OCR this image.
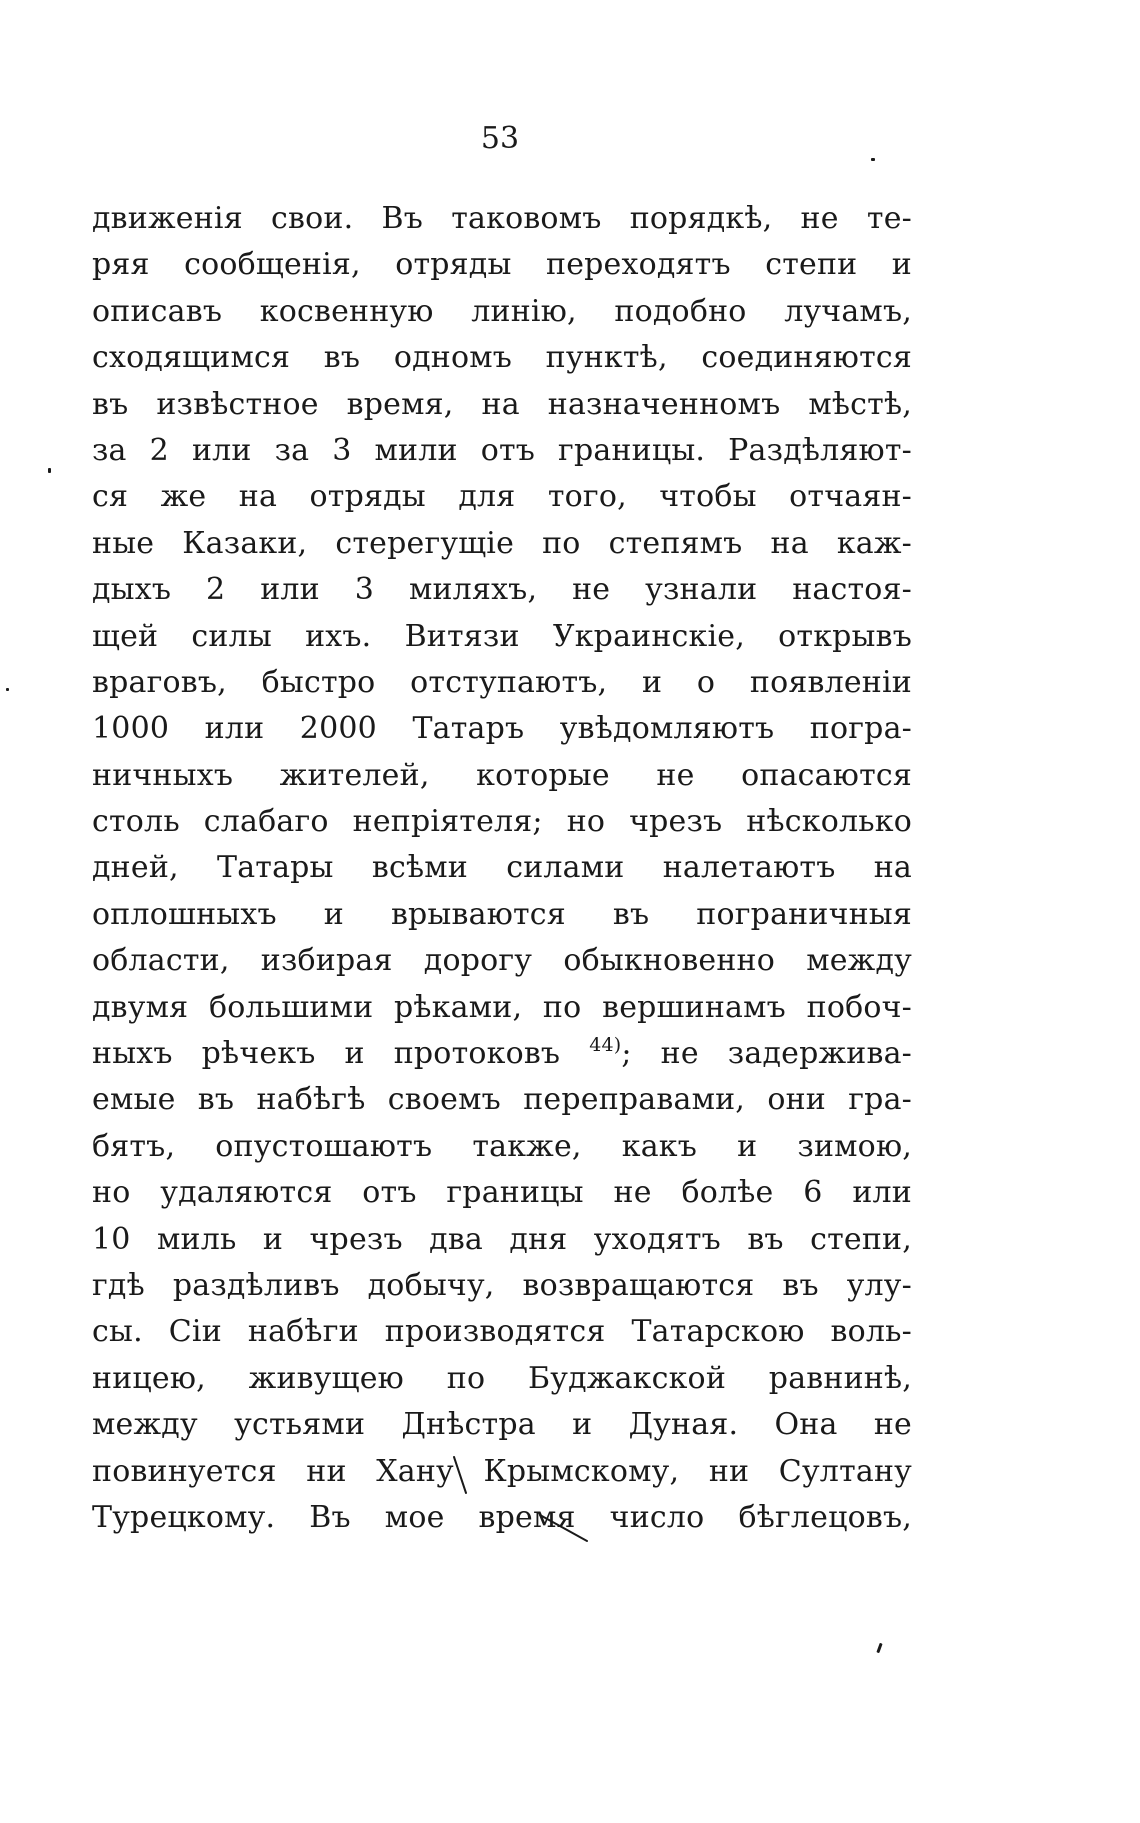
53
движенія свои. Въ таковомъ порядкѣ, не те-
ряя сообщенія, отряды переходятъ степи и
описавъ косвенную линію, подобно лучамъ,
сходящимся въ одномъ пунктѣ, соединяются
въ извѣстное время, на назначенномъ мѣстѣ,
за 2 или за 3 мили отъ границы. Раздѣляют-
ся же на отряды для того, чтобы отчаян-
ные Казаки, стерегущіе по степямъ на каж-
дыхъ 2 или 3 миляхъ, не узнали настоя-
щей силы ихъ. Витязи Украинскіе, открывъ
враговъ, быстро отступаютъ, и о появленіи
1000 или 2000 Татаръ увѣдомляютъ погра-
ничныхъ жителей, которые не опасаются
столь слабаго непріятеля; но чрезъ нѣсколько
дней, Татары всѣми силами налетаютъ на
оплошныхъ и врываются въ пограничныя
области, избирая дорогу обыкновенно между
двумя большими рѣками, по вершинамъ побоч-
ныхъ рѣчекъ и протоковъ $^{44)}$; не задержива-
емые въ набѣгѣ своемъ переправами, они гра-
бятъ, опустошаютъ также, какъ и зимою,
но удаляются отъ границы не болѣе 6 или
10 миль и чрезъ два дня уходятъ въ степи,
гдѣ раздѣливъ добычу, возвращаются въ улу-
сы. Сіи набѣги производятся Татарскою воль-
ницею, живущею по Буджакской равнинѣ,
между устьями Днѣстра и Дуная. Она не
повинуется ни Хану Крымскому, ни Султану
Турецкому. Въ мое время число бѣглецовъ,
